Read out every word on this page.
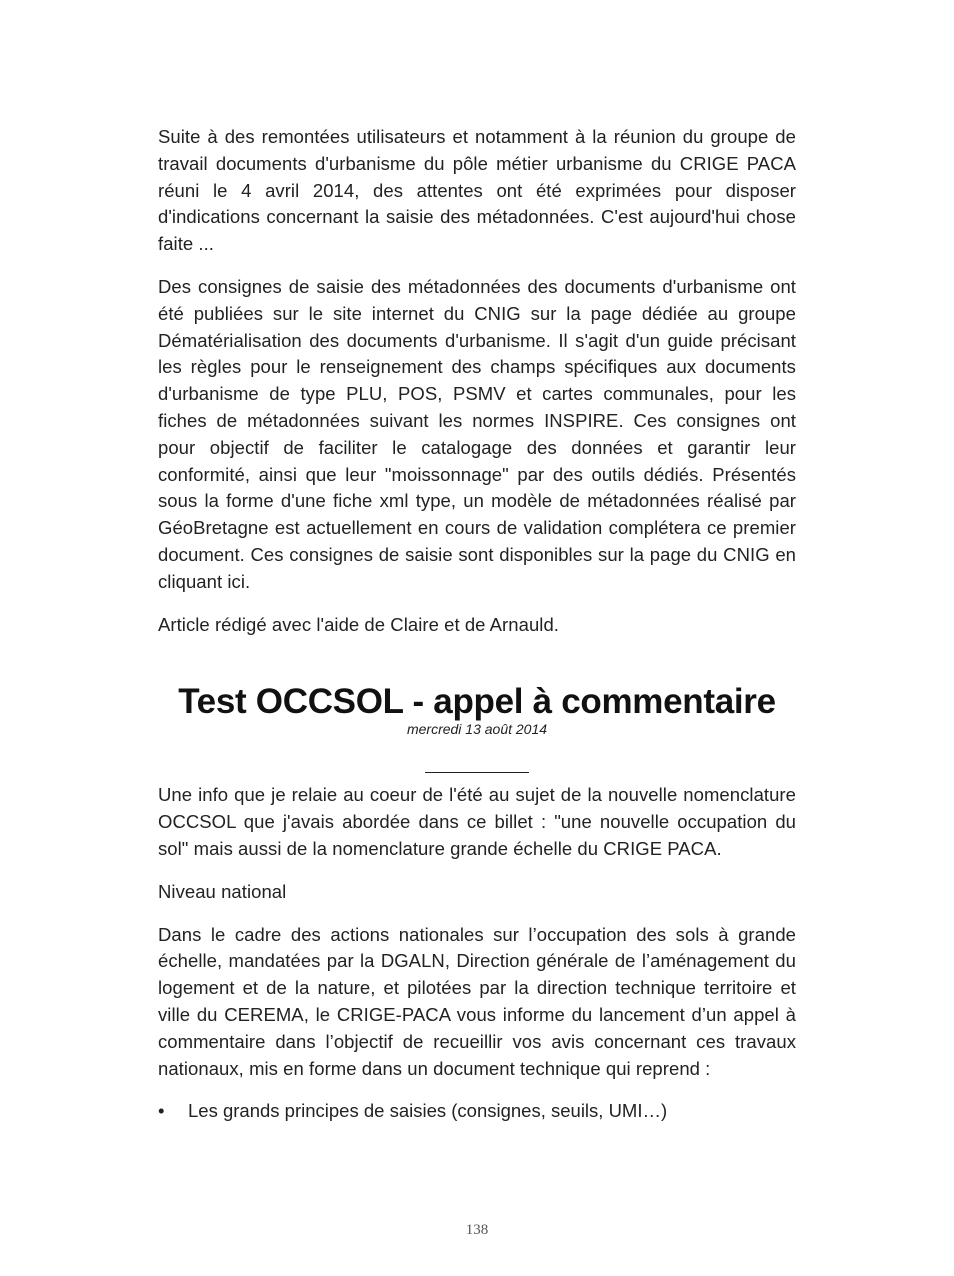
Suite à des remontées utilisateurs et notamment à la réunion du groupe de travail documents d'urbanisme du pôle métier urbanisme du CRIGE PACA réuni le 4 avril 2014, des attentes ont été exprimées pour disposer d'indications concernant la saisie des métadonnées. C'est aujourd'hui chose faite ...

Des consignes de saisie des métadonnées des documents d'urbanisme ont été publiées sur le site internet du CNIG sur la page dédiée au groupe Dématérialisation des documents d'urbanisme. Il s'agit d'un guide précisant les règles pour le renseignement des champs spécifiques aux documents d'urbanisme de type PLU, POS, PSMV et cartes communales, pour les fiches de métadonnées suivant les normes INSPIRE. Ces consignes ont pour objectif de faciliter le catalogage des données et garantir leur conformité, ainsi que leur "moissonnage" par des outils dédiés. Présentés sous la forme d'une fiche xml type, un modèle de métadonnées réalisé par GéoBretagne est actuellement en cours de validation complétera ce premier document. Ces consignes de saisie sont disponibles sur la page du CNIG en cliquant ici.

Article rédigé avec l'aide de Claire et de Arnauld.

Test OCCSOL - appel à commentaire
mercredi 13 août 2014

Une info que je relaie au coeur de l'été au sujet de la nouvelle nomenclature OCCSOL que j'avais abordée dans ce billet : "une nouvelle occupation du sol" mais aussi de la nomenclature grande échelle du CRIGE PACA.

Niveau national

Dans le cadre des actions nationales sur l’occupation des sols à grande échelle, mandatées par la DGALN, Direction générale de l’aménagement du logement et de la nature, et pilotées par la direction technique territoire et ville du CEREMA, le CRIGE-PACA vous informe du lancement d’un appel à commentaire dans l’objectif de recueillir vos avis concernant ces travaux nationaux, mis en forme dans un document technique qui reprend :

• Les grands principes de saisies (consignes, seuils, UMI…)
138
